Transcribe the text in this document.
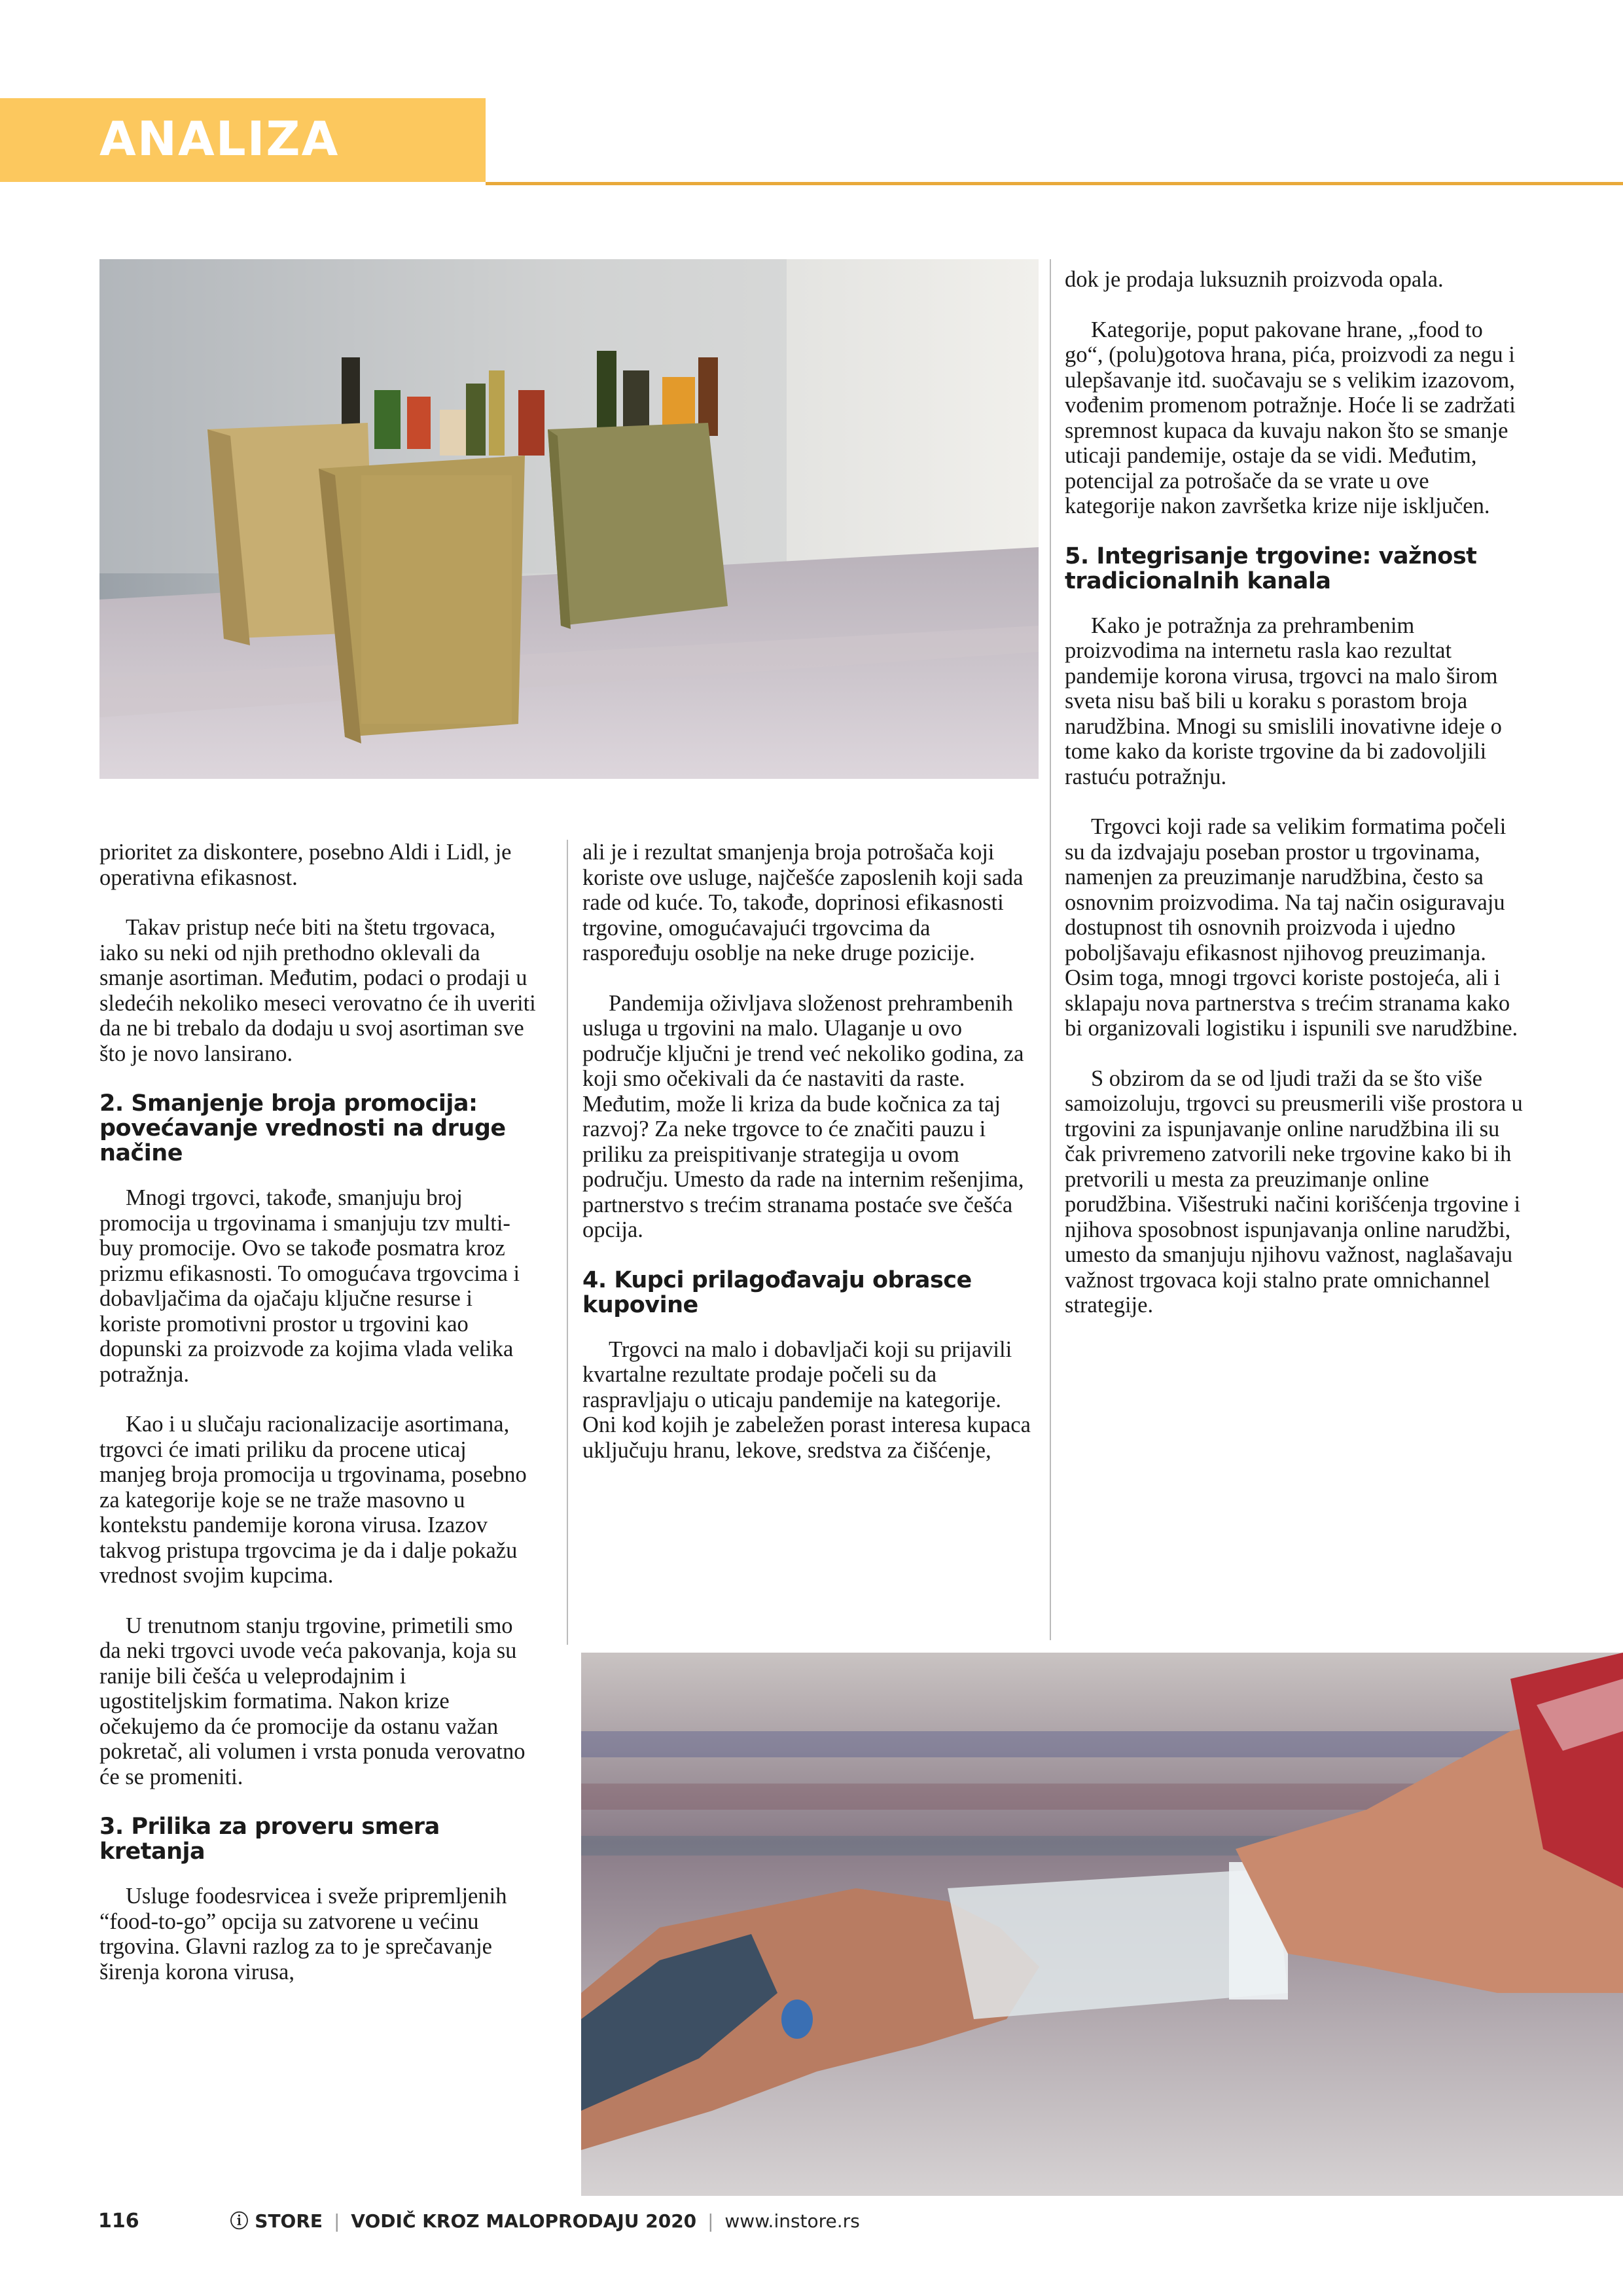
ANALIZA

prioritet za diskontere, posebno Aldi i Lidl, je operativna efikasnost.

Takav pristup neće biti na štetu trgovaca, iako su neki od njih prethodno oklevali da smanje asortiman. Međutim, podaci o prodaji u sledećih nekoliko meseci verovatno će ih uveriti da ne bi trebalo da dodaju u svoj asortiman sve što je novo lansirano.

2. Smanjenje broja promocija: povećavanje vrednosti na druge načine

Mnogi trgovci, takođe, smanjuju broj promocija u trgovinama i smanjuju tzv multi-buy promocije. Ovo se takođe posmatra kroz prizmu efikasnosti. To omogućava trgovcima i dobavljačima da ojačaju ključne resurse i koriste promotivni prostor u trgovini kao dopunski za proizvode za kojima vlada velika potražnja.

Kao i u slučaju racionalizacije asortimana, trgovci će imati priliku da procene uticaj manjeg broja promocija u trgovinama, posebno za kategorije koje se ne traže masovno u kontekstu pandemije korona virusa. Izazov takvog pristupa trgovcima je da i dalje pokažu vrednost svojim kupcima.

U trenutnom stanju trgovine, primetili smo da neki trgovci uvode veća pakovanja, koja su ranije bili češća u veleprodajnim i ugostiteljskim formatima. Nakon krize očekujemo da će promocije da ostanu važan pokretač, ali volumen i vrsta ponuda verovatno će se promeniti.

3. Prilika za proveru smera kretanja

Usluge foodesrvicea i sveže pripremljenih “food-to-go” opcija su zatvorene u većinu trgovina. Glavni razlog za to je sprečavanje širenja korona virusa,

ali je i rezultat smanjenja broja potrošača koji koriste ove usluge, najčešće zaposlenih koji sada rade od kuće. To, takođe, doprinosi efikasnosti trgovine, omogućavajući trgovcima da raspoređuju osoblje na neke druge pozicije.

Pandemija oživljava složenost prehrambenih usluga u trgovini na malo. Ulaganje u ovo područje ključni je trend već nekoliko godina, za koji smo očekivali da će nastaviti da raste. Međutim, može li kriza da bude kočnica za taj razvoj? Za neke trgovce to će značiti pauzu i priliku za preispitivanje strategija u ovom području. Umesto da rade na internim rešenjima, partnerstvo s trećim stranama postaće sve češća opcija.

4. Kupci prilagođavaju obrasce kupovine

Trgovci na malo i dobavljači koji su prijavili kvartalne rezultate prodaje počeli su da raspravljaju o uticaju pandemije na kategorije. Oni kod kojih je zabeležen porast interesa kupaca uključuju hranu, lekove, sredstva za čišćenje,

dok je prodaja luksuznih proizvoda opala.

Kategorije, poput pakovane hrane, „food to go“, (polu)gotova hrana, pića, proizvodi za negu i ulepšavanje itd. suočavaju se s velikim izazovom, vođenim promenom potražnje. Hoće li se zadržati spremnost kupaca da kuvaju nakon što se smanje uticaji pandemije, ostaje da se vidi. Međutim, potencijal za potrošače da se vrate u ove kategorije nakon završetka krize nije isključen.

5. Integrisanje trgovine: važnost tradicionalnih kanala

Kako je potražnja za prehrambenim proizvodima na internetu rasla kao rezultat pandemije korona virusa, trgovci na malo širom sveta nisu baš bili u koraku s porastom broja narudžbina. Mnogi su smislili inovativne ideje o tome kako da koriste trgovine da bi zadovoljili rastuću potražnju.

Trgovci koji rade sa velikim formatima počeli su da izdvajaju poseban prostor u trgovinama, namenjen za preuzimanje narudžbina, često sa osnovnim proizvodima. Na taj način osiguravaju dostupnost tih osnovnih proizvoda i ujedno poboljšavaju efikasnost njihovog preuzimanja. Osim toga, mnogi trgovci koriste postojeća, ali i sklapaju nova partnerstva s trećim stranama kako bi organizovali logistiku i ispunili sve narudžbine.

S obzirom da se od ljudi traži da se što više samoizoluju, trgovci su preusmerili više prostora u trgovini za ispunjavanje online narudžbina ili su čak privremeno zatvorili neke trgovine kako bi ih pretvorili u mesta za preuzimanje online porudžbina. Višestruki načini korišćenja trgovine i njihova sposobnost ispunjavanja online narudžbi, umesto da smanjuju njihovu važnost, naglašavaju važnost trgovaca koji stalno prate omnichannel strategije.

116	ⓘ STORE | VODIČ KROZ MALOPRODAJU 2020 | www.instore.rs
